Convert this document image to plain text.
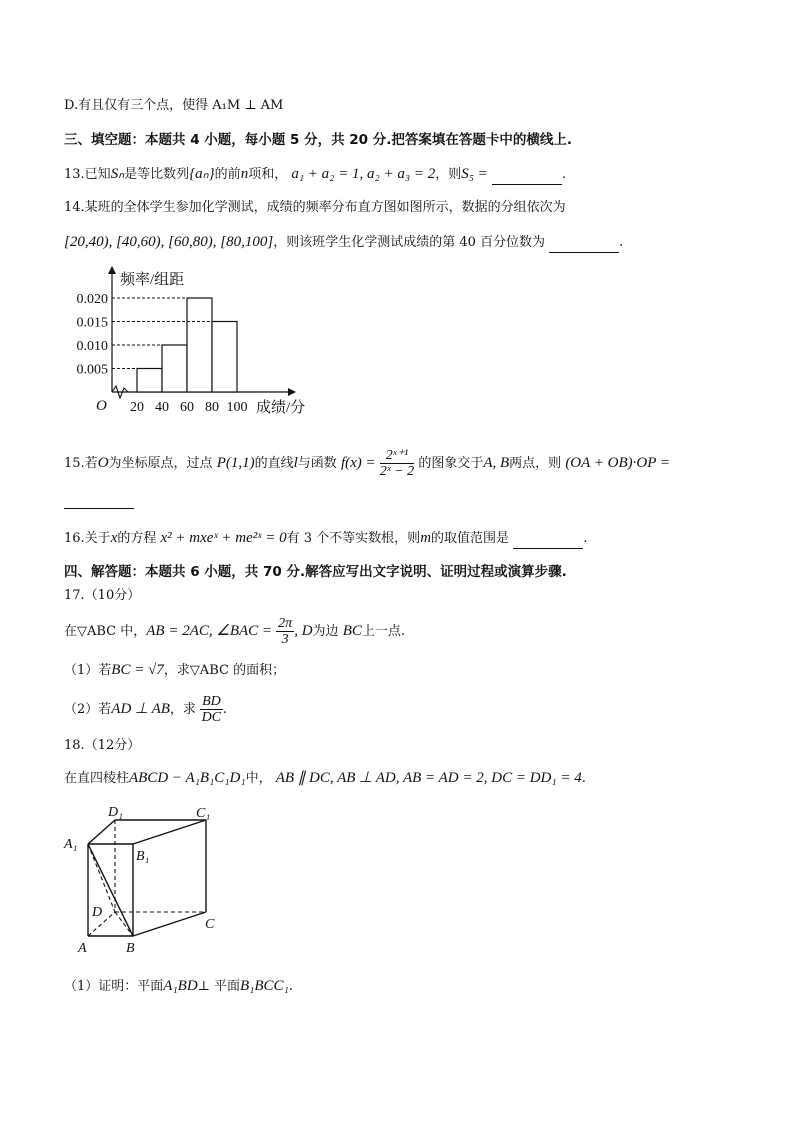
D.有且仅有三个点，使得 A₁M ⊥ AM
三、填空题：本题共 4 小题，每小题 5 分，共 20 分.把答案填在答题卡中的横线上.
13.已知Sₙ是等比数列{aₙ}的前n项和， a₁ + a₂ = 1, a₂ + a₃ = 2，则S₅ =	.
14.某班的全体学生参加化学测试，成绩的频率分布直方图如图所示，数据的分组依次为
[20,40), [40,60), [60,80), [80,100]，则该班学生化学测试成绩的第 40 百分位数为	.
0.005
0.010
0.015
0.020
20 40 60 80 100
O
频率/组距
成绩/分
15.若O为坐标原点，过点 P(1,1)的直线l与函数 $f(x) = \frac{\text{2ˣ⁺¹}}{\text{2ˣ − 2}}$ 的图象交于A, B两点，则 (OA + OB)·OP =
16.关于x的方程 x² + mxeˣ + me²ˣ = 0有 3 个不等实数根，则m的取值范围是	.
四、解答题：本题共 6 小题，共 70 分.解答应写出文字说明、证明过程或演算步骤.
17.（10分）
在▽ABC 中，AB = 2AC, ∠BAC = $\frac{2\pi}{3}$ , D为边 BC上一点.
（1）若BC = √7，求▽ABC 的面积；
（2）若AD ⊥ AB，求 $\frac{BD}{DC}$ .
18.（12分）
在直四棱柱ABCD − A₁B₁C₁D₁中， AB ∥ DC, AB ⊥ AD, AB = AD = 2, DC = DD₁ = 4.
D₁	C₁
A₁
B₁
D
C
A	B
（1）证明：平面A₁BD⊥ 平面B₁BCC₁.
